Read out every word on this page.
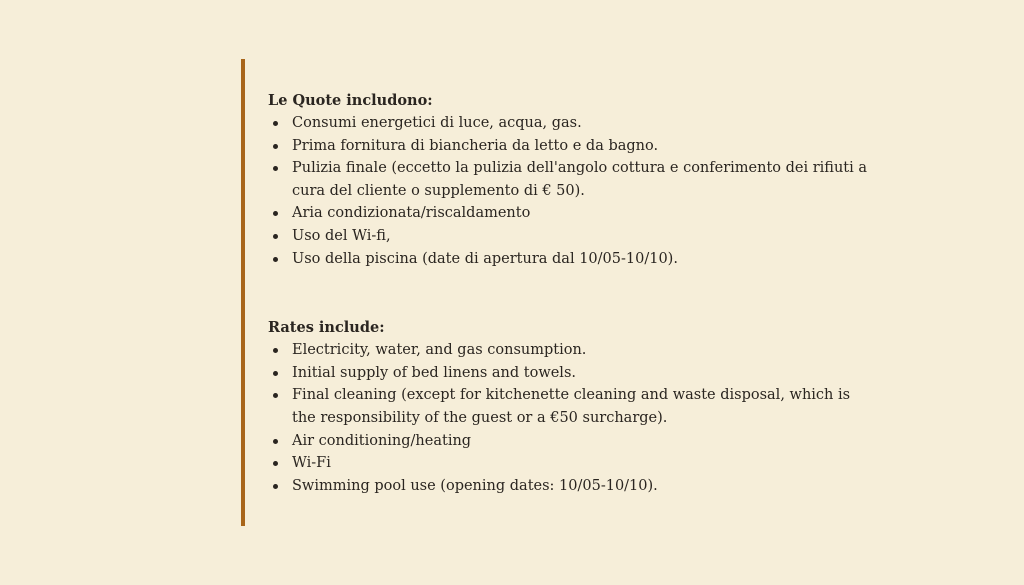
Le Quote includono:

Consumi energetici di luce, acqua, gas.
Prima fornitura di biancheria da letto e da bagno.
Pulizia finale (eccetto la pulizia dell'angolo cottura e conferimento dei rifiuti a cura del cliente o supplemento di € 50).
Aria condizionata/riscaldamento
Uso del Wi-fi,
Uso della piscina (date di apertura dal 10/05-10/10).

Rates include:

Electricity, water, and gas consumption.
Initial supply of bed linens and towels.
Final cleaning (except for kitchenette cleaning and waste disposal, which is the responsibility of the guest or a €50 surcharge).
Air conditioning/heating
Wi-Fi
Swimming pool use (opening dates: 10/05-10/10).
